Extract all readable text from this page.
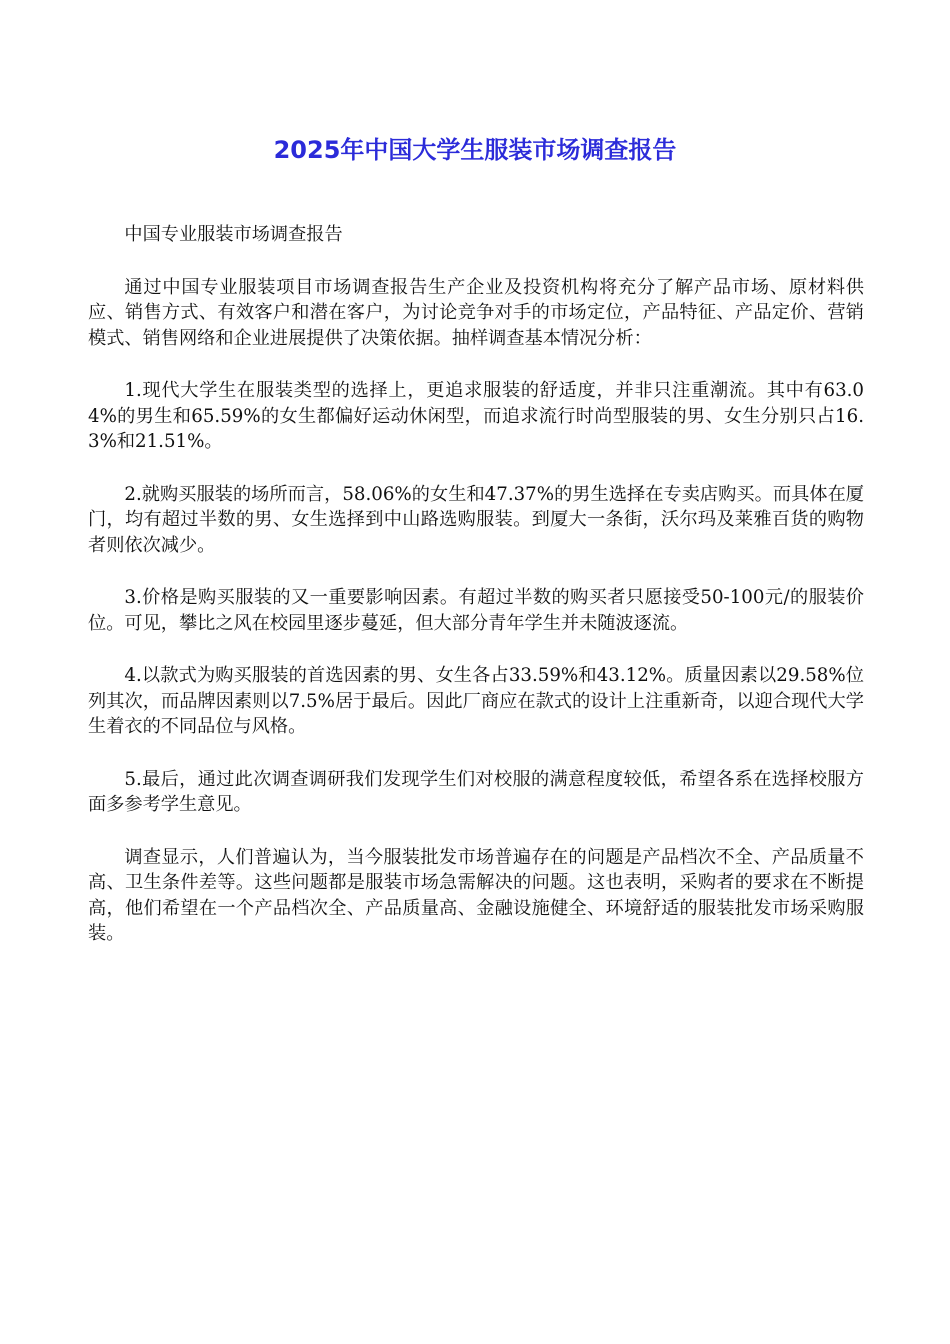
2025年中国大学生服装市场调查报告

中国专业服装市场调查报告

通过中国专业服装项目市场调查报告生产企业及投资机构将充分了解产品市场、原材料供应、销售方式、有效客户和潜在客户，为讨论竞争对手的市场定位，产品特征、产品定价、营销模式、销售网络和企业进展提供了决策依据。抽样调查基本情况分析：

1.现代大学生在服装类型的选择上，更追求服装的舒适度，并非只注重潮流。其中有63.04%的男生和65.59%的女生都偏好运动休闲型，而追求流行时尚型服装的男、女生分别只占16.3%和21.51%。

2.就购买服装的场所而言，58.06%的女生和47.37%的男生选择在专卖店购买。而具体在厦门，均有超过半数的男、女生选择到中山路选购服装。到厦大一条街，沃尔玛及莱雅百货的购物者则依次减少。

3.价格是购买服装的又一重要影响因素。有超过半数的购买者只愿接受50-100元/的服装价位。可见，攀比之风在校园里逐步蔓延，但大部分青年学生并未随波逐流。

4.以款式为购买服装的首选因素的男、女生各占33.59%和43.12%。质量因素以29.58%位列其次，而品牌因素则以7.5%居于最后。因此厂商应在款式的设计上注重新奇，以迎合现代大学生着衣的不同品位与风格。

5.最后，通过此次调查调研我们发现学生们对校服的满意程度较低，希望各系在选择校服方面多参考学生意见。

调查显示，人们普遍认为，当今服装批发市场普遍存在的问题是产品档次不全、产品质量不高、卫生条件差等。这些问题都是服装市场急需解决的问题。这也表明，采购者的要求在不断提高，他们希望在一个产品档次全、产品质量高、金融设施健全、环境舒适的服装批发市场采购服装。
